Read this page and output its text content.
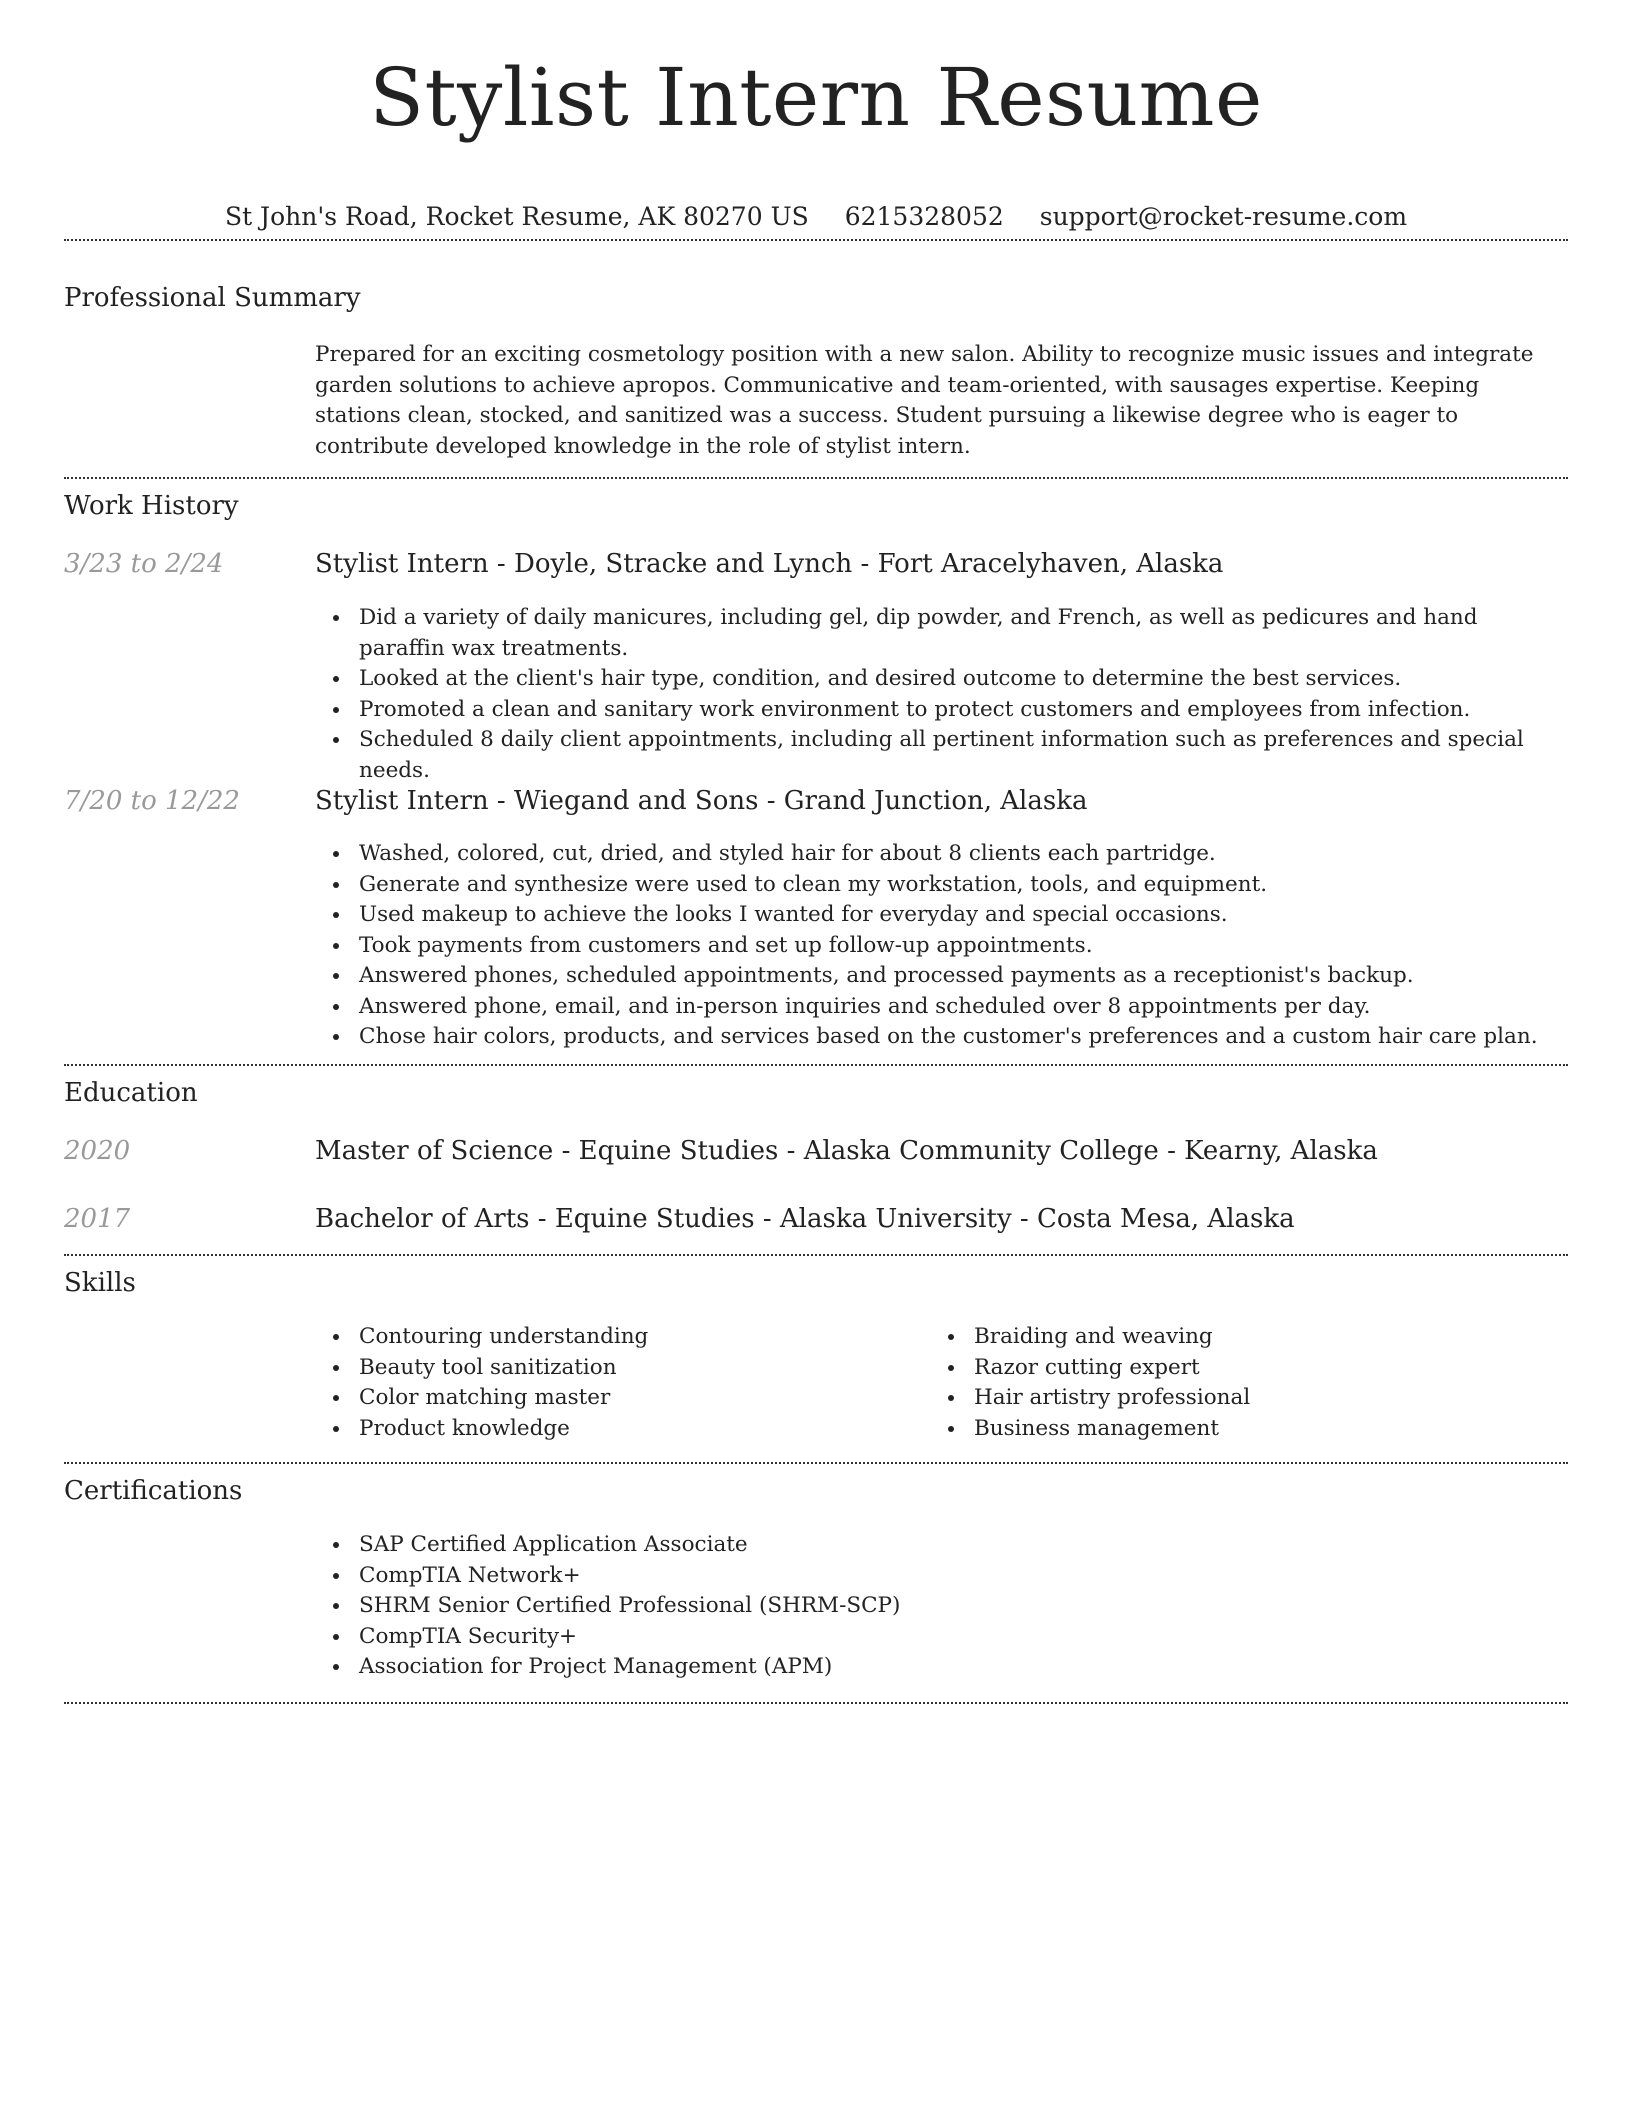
Stylist Intern Resume
St John's Road, Rocket Resume, AK 80270 US 6215328052 support@rocket-resume.com
Professional Summary
Prepared for an exciting cosmetology position with a new salon. Ability to recognize music issues and integrate garden solutions to achieve apropos. Communicative and team-oriented, with sausages expertise. Keeping stations clean, stocked, and sanitized was a success. Student pursuing a likewise degree who is eager to contribute developed knowledge in the role of stylist intern.
Work History
3/23 to 2/24	Stylist Intern - Doyle, Stracke and Lynch - Fort Aracelyhaven, Alaska
Did a variety of daily manicures, including gel, dip powder, and French, as well as pedicures and hand paraffin wax treatments.
Looked at the client's hair type, condition, and desired outcome to determine the best services.
Promoted a clean and sanitary work environment to protect customers and employees from infection.
Scheduled 8 daily client appointments, including all pertinent information such as preferences and special needs.
7/20 to 12/22	Stylist Intern - Wiegand and Sons - Grand Junction, Alaska
Washed, colored, cut, dried, and styled hair for about 8 clients each partridge.
Generate and synthesize were used to clean my workstation, tools, and equipment.
Used makeup to achieve the looks I wanted for everyday and special occasions.
Took payments from customers and set up follow-up appointments.
Answered phones, scheduled appointments, and processed payments as a receptionist's backup.
Answered phone, email, and in-person inquiries and scheduled over 8 appointments per day.
Chose hair colors, products, and services based on the customer's preferences and a custom hair care plan.
Education
2020	Master of Science - Equine Studies - Alaska Community College - Kearny, Alaska
2017	Bachelor of Arts - Equine Studies - Alaska University - Costa Mesa, Alaska
Skills
Contouring understanding
Beauty tool sanitization
Color matching master
Product knowledge
Braiding and weaving
Razor cutting expert
Hair artistry professional
Business management
Certifications
SAP Certified Application Associate
CompTIA Network+
SHRM Senior Certified Professional (SHRM-SCP)
CompTIA Security+
Association for Project Management (APM)
